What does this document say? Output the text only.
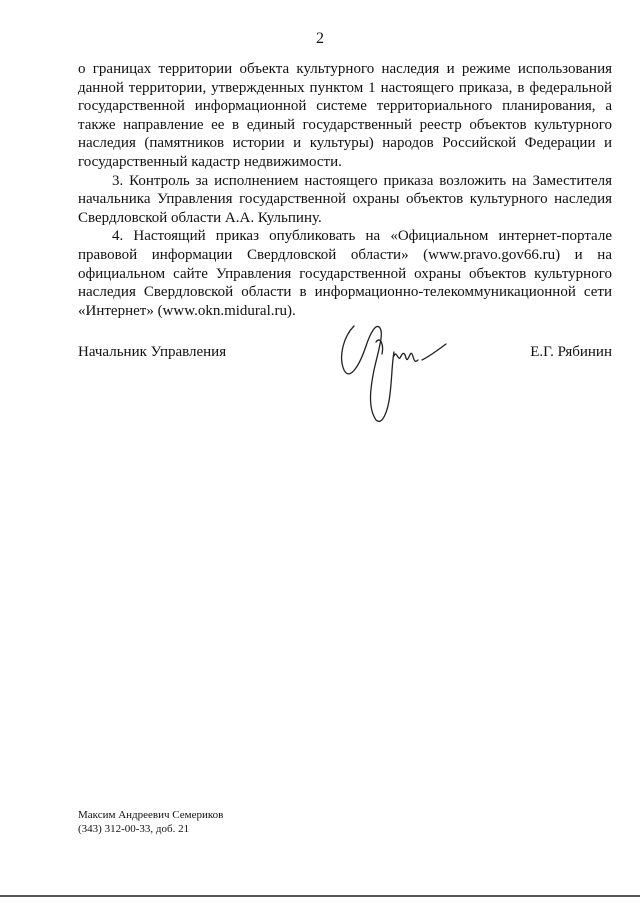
2

о границах территории объекта культурного наследия и режиме использования данной территории, утвержденных пунктом 1 настоящего приказа, в федеральной государственной информационной системе территориального планирования, а также направление ее в единый государственный реестр объектов культурного наследия (памятников истории и культуры) народов Российской Федерации и государственный кадастр недвижимости.

3. Контроль за исполнением настоящего приказа возложить на Заместителя начальника Управления государственной охраны объектов культурного наследия Свердловской области А.А. Кульпину.

4. Настоящий приказ опубликовать на «Официальном интернет-портале правовой информации Свердловской области» (www.pravo.gov66.ru) и на официальном сайте Управления государственной охраны объектов культурного наследия Свердловской области в информационно-телекоммуникационной сети «Интернет» (www.okn.midural.ru).

Начальник Управления	Е.Г. Рябинин
Максим Андреевич Семериков
(343) 312-00-33, доб. 21
